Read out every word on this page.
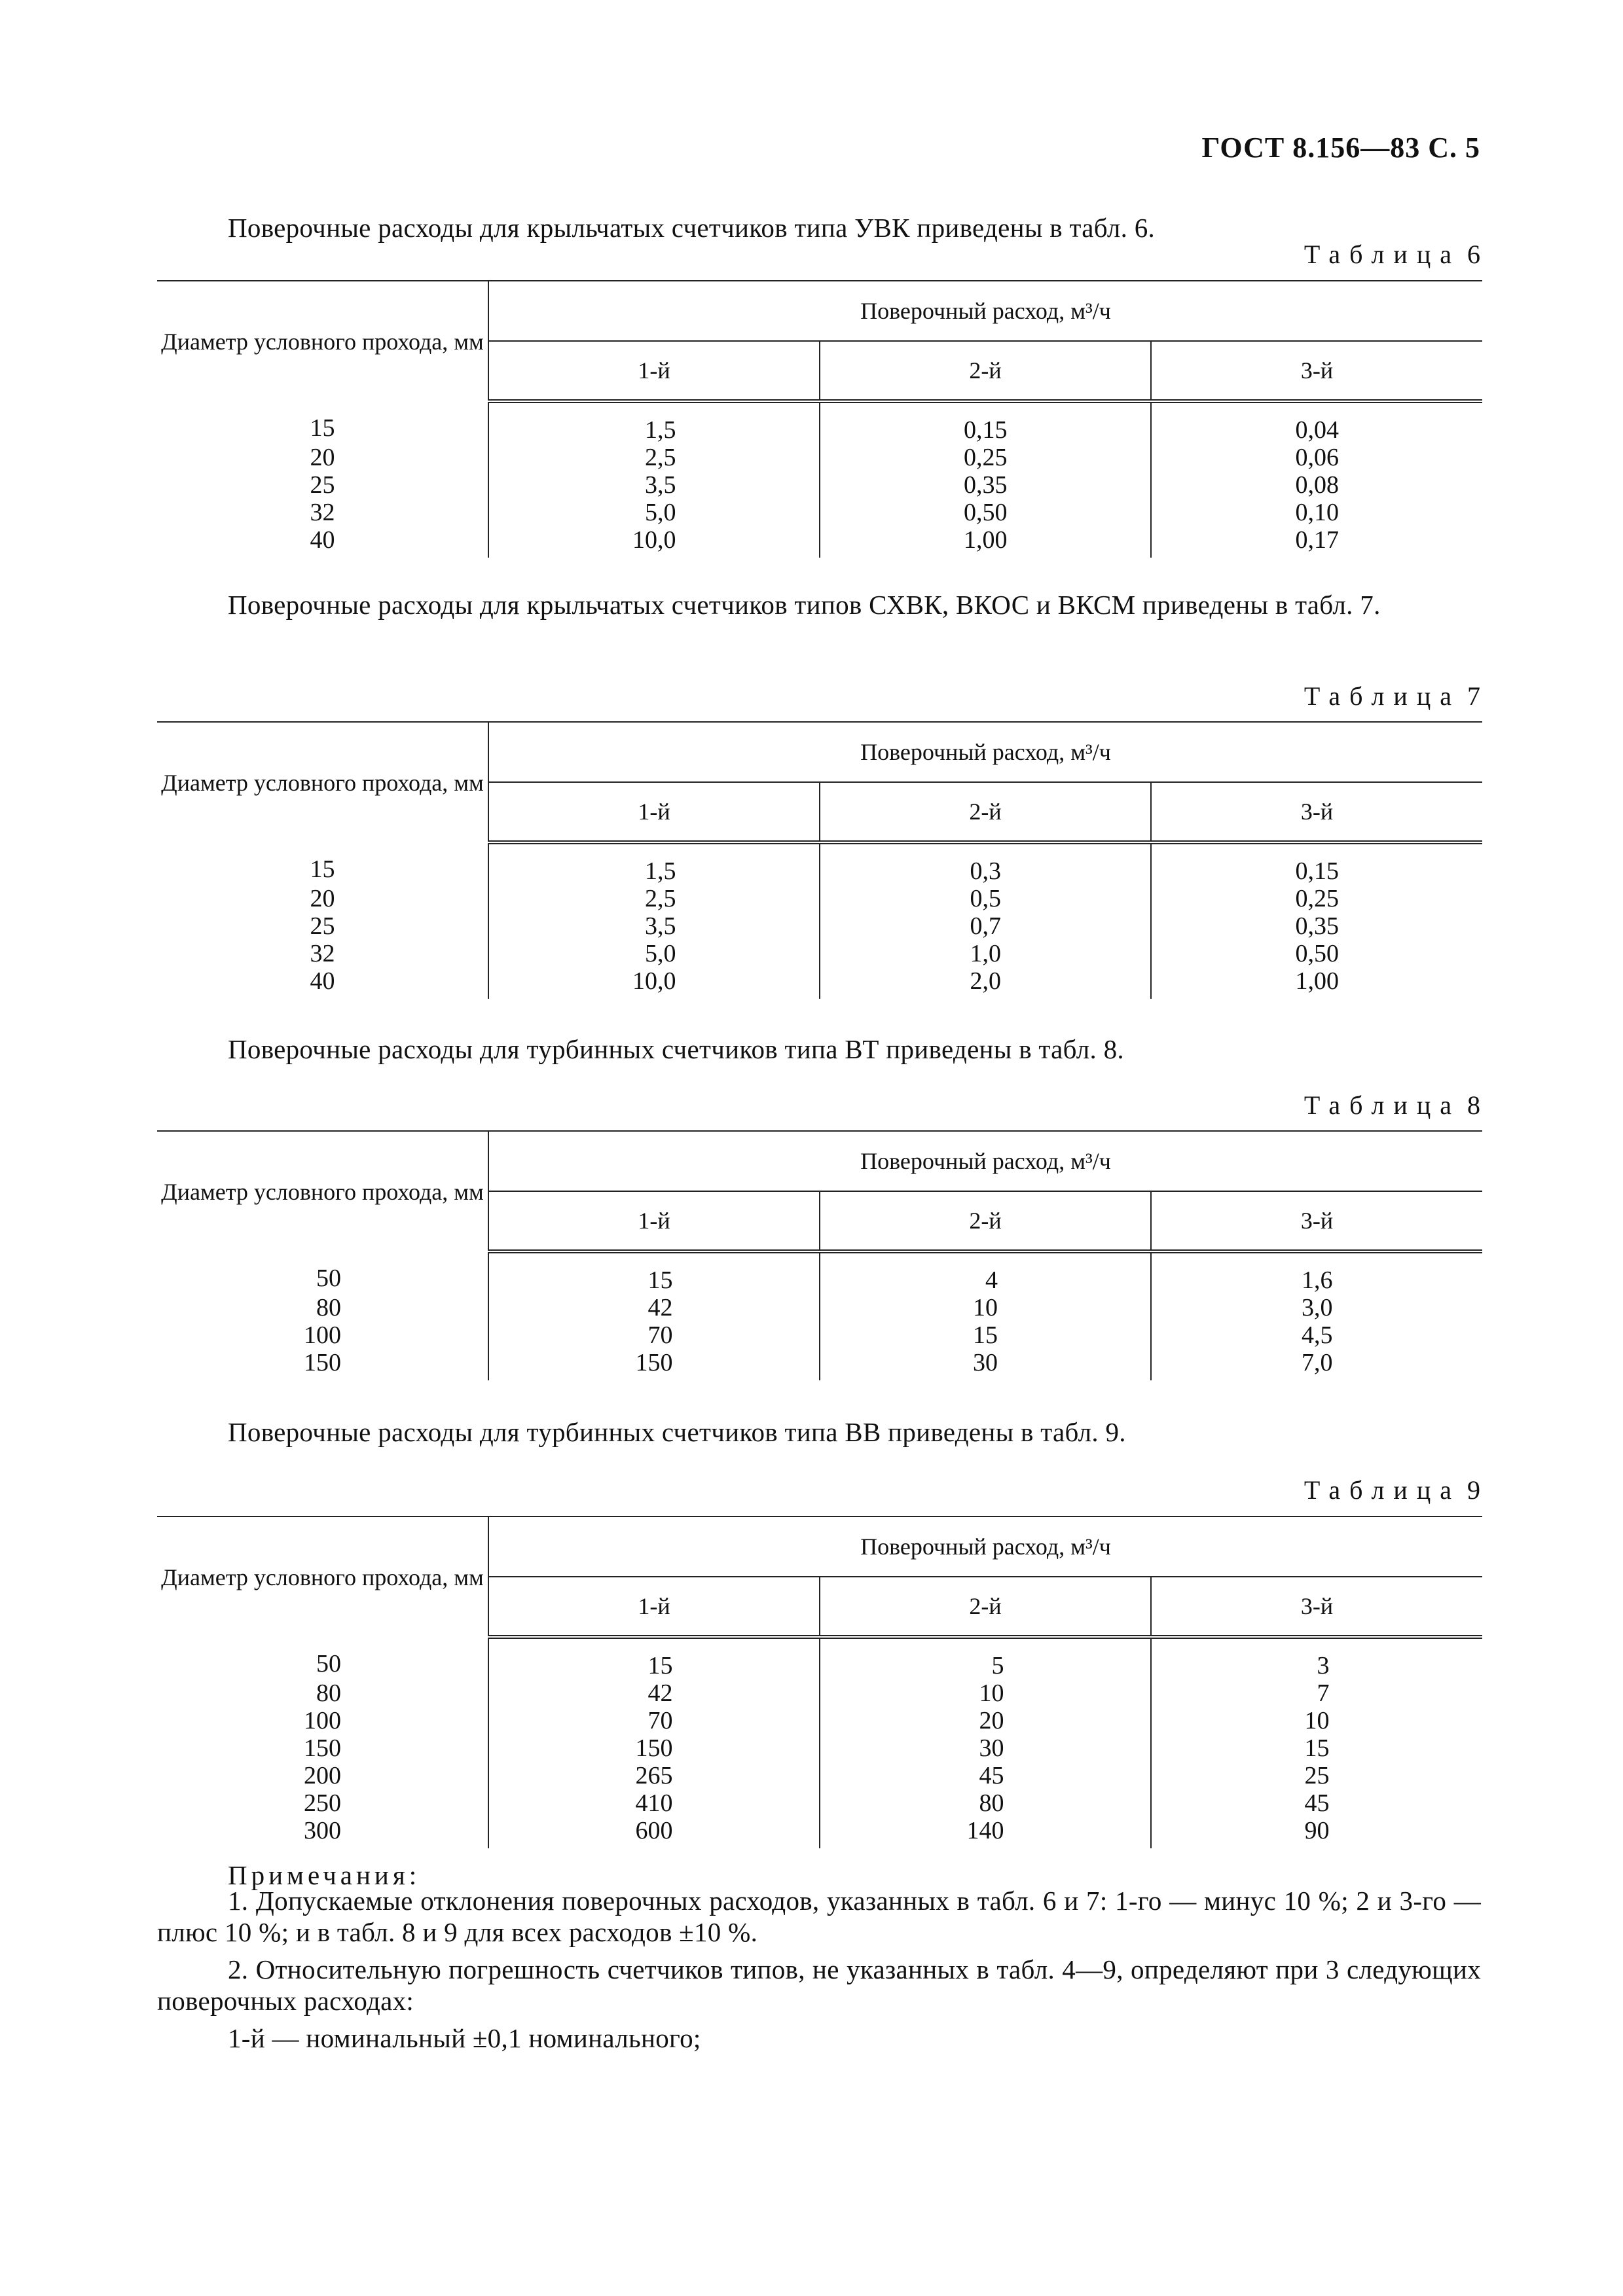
ГОСТ 8.156—83 С. 5
Поверочные расходы для крыльчатых счетчиков типа УВК приведены в табл. 6.
Таблица 6
Диаметр условного прохода, мм	Поверочный расход, м³/ч		
	1-й	2-й	3-й
15	1,5	0,15	0,04
20	2,5	0,25	0,06
25	3,5	0,35	0,08
32	5,0	0,50	0,10
40	10,0	1,00	0,17
Поверочные расходы для крыльчатых счетчиков типов СХВК, ВКОС и ВКСМ приведены в табл. 7.
Таблица 7
Диаметр условного прохода, мм	Поверочный расход, м³/ч		
	1-й	2-й	3-й
15	1,5	0,3	0,15
20	2,5	0,5	0,25
25	3,5	0,7	0,35
32	5,0	1,0	0,50
40	10,0	2,0	1,00
Поверочные расходы для турбинных счетчиков типа ВТ приведены в табл. 8.
Таблица 8
Диаметр условного прохода, мм	Поверочный расход, м³/ч		
	1-й	2-й	3-й
50	15	4	1,6
80	42	10	3,0
100	70	15	4,5
150	150	30	7,0
Поверочные расходы для турбинных счетчиков типа ВВ приведены в табл. 9.
Таблица 9
Диаметр условного прохода, мм	Поверочный расход, м³/ч		
	1-й	2-й	3-й
50	15	5	3
80	42	10	7
100	70	20	10
150	150	30	15
200	265	45	25
250	410	80	45
300	600	140	90
Примечания:
1. Допускаемые отклонения поверочных расходов, указанных в табл. 6 и 7: 1-го — минус 10 %; 2 и 3-го — плюс 10 %; и в табл. 8 и 9 для всех расходов ±10 %.
2. Относительную погрешность счетчиков типов, не указанных в табл. 4—9, определяют при 3 следующих поверочных расходах:
1-й — номинальный ±0,1 номинального;
